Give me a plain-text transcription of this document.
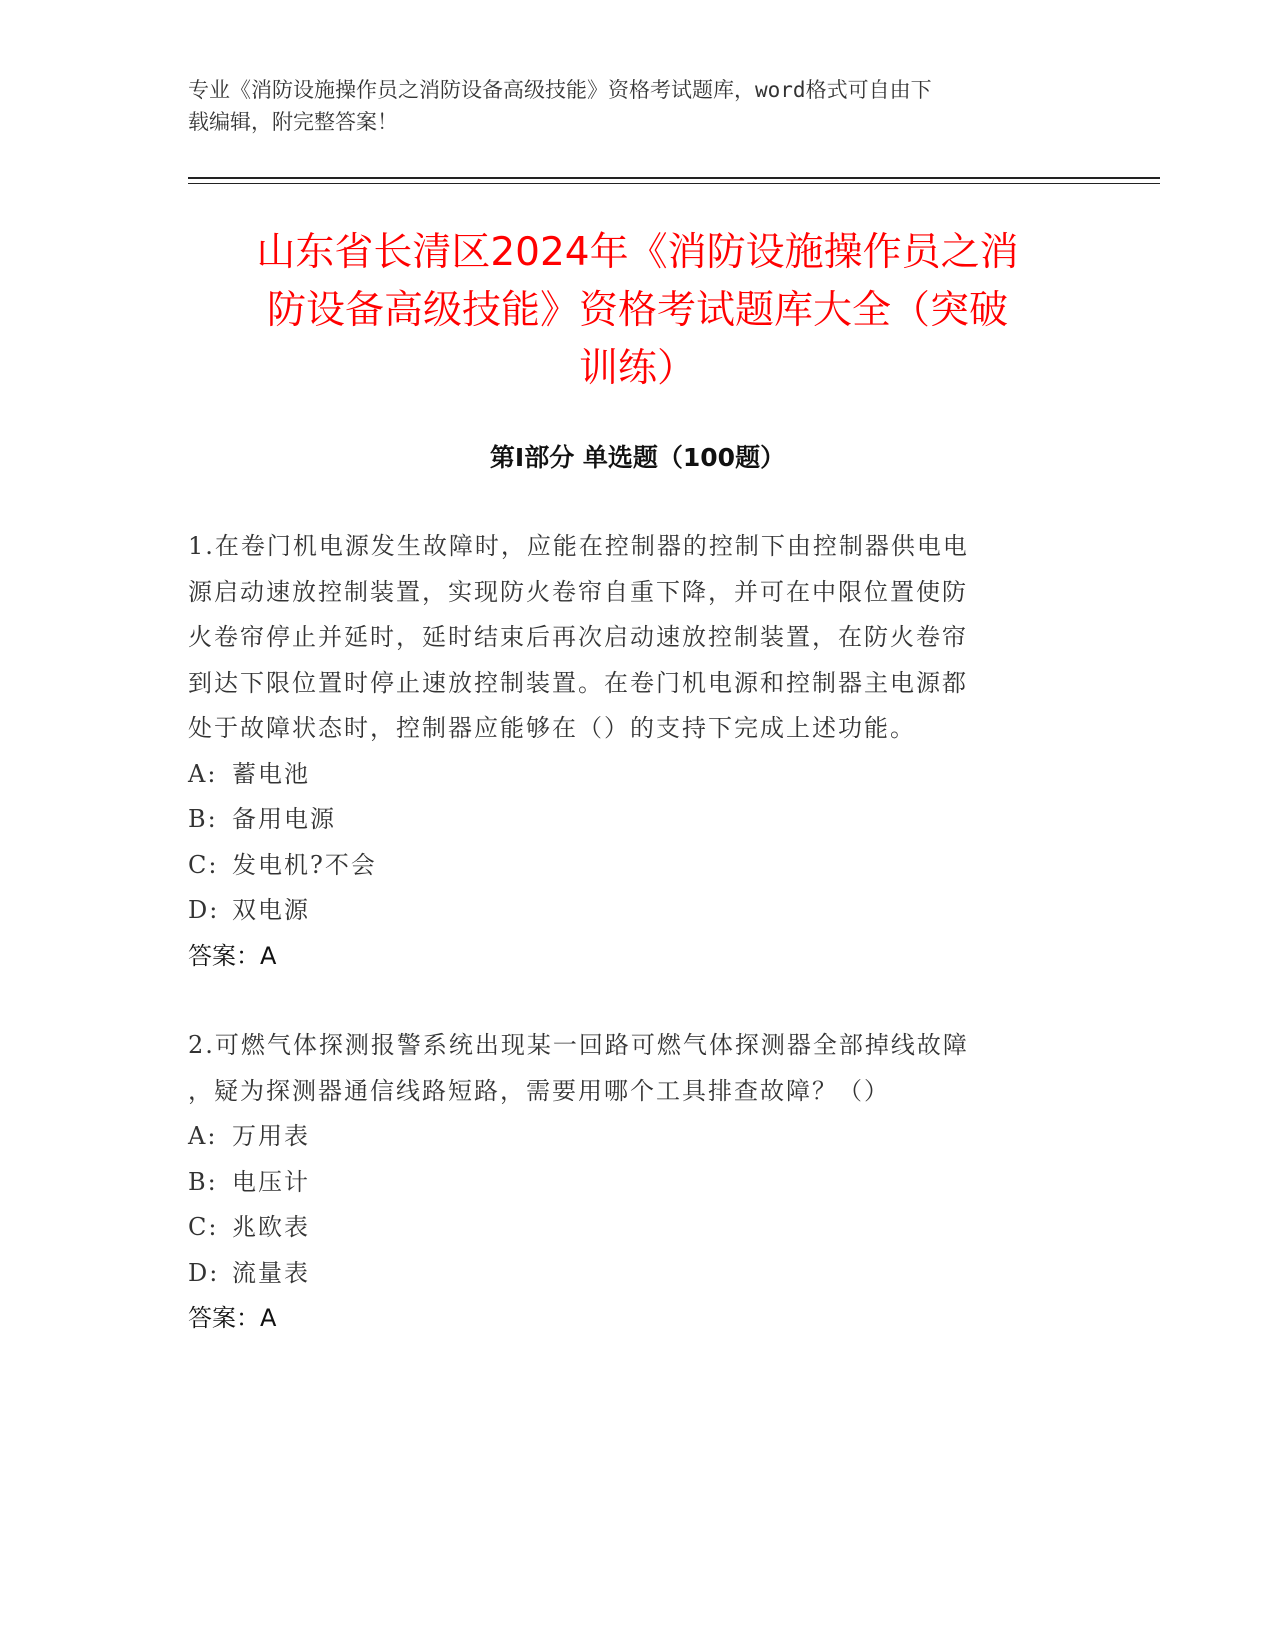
专业《消防设施操作员之消防设备高级技能》资格考试题库，word格式可自由下
载编辑，附完整答案！
山东省长清区2024年《消防设施操作员之消
防设备高级技能》资格考试题库大全（突破
训练）
第Ⅰ部分 单选题（100题）
1.在卷门机电源发生故障时，应能在控制器的控制下由控制器供电电
源启动速放控制装置，实现防火卷帘自重下降，并可在中限位置使防
火卷帘停止并延时，延时结束后再次启动速放控制装置，在防火卷帘
到达下限位置时停止速放控制装置。在卷门机电源和控制器主电源都
处于故障状态时，控制器应能够在（）的支持下完成上述功能。
A: 蓄电池
B: 备用电源
C: 发电机?不会
D: 双电源
答案：A
2.可燃气体探测报警系统出现某一回路可燃气体探测器全部掉线故障
，疑为探测器通信线路短路，需要用哪个工具排查故障？（）
A: 万用表
B: 电压计
C: 兆欧表
D: 流量表
答案：A
